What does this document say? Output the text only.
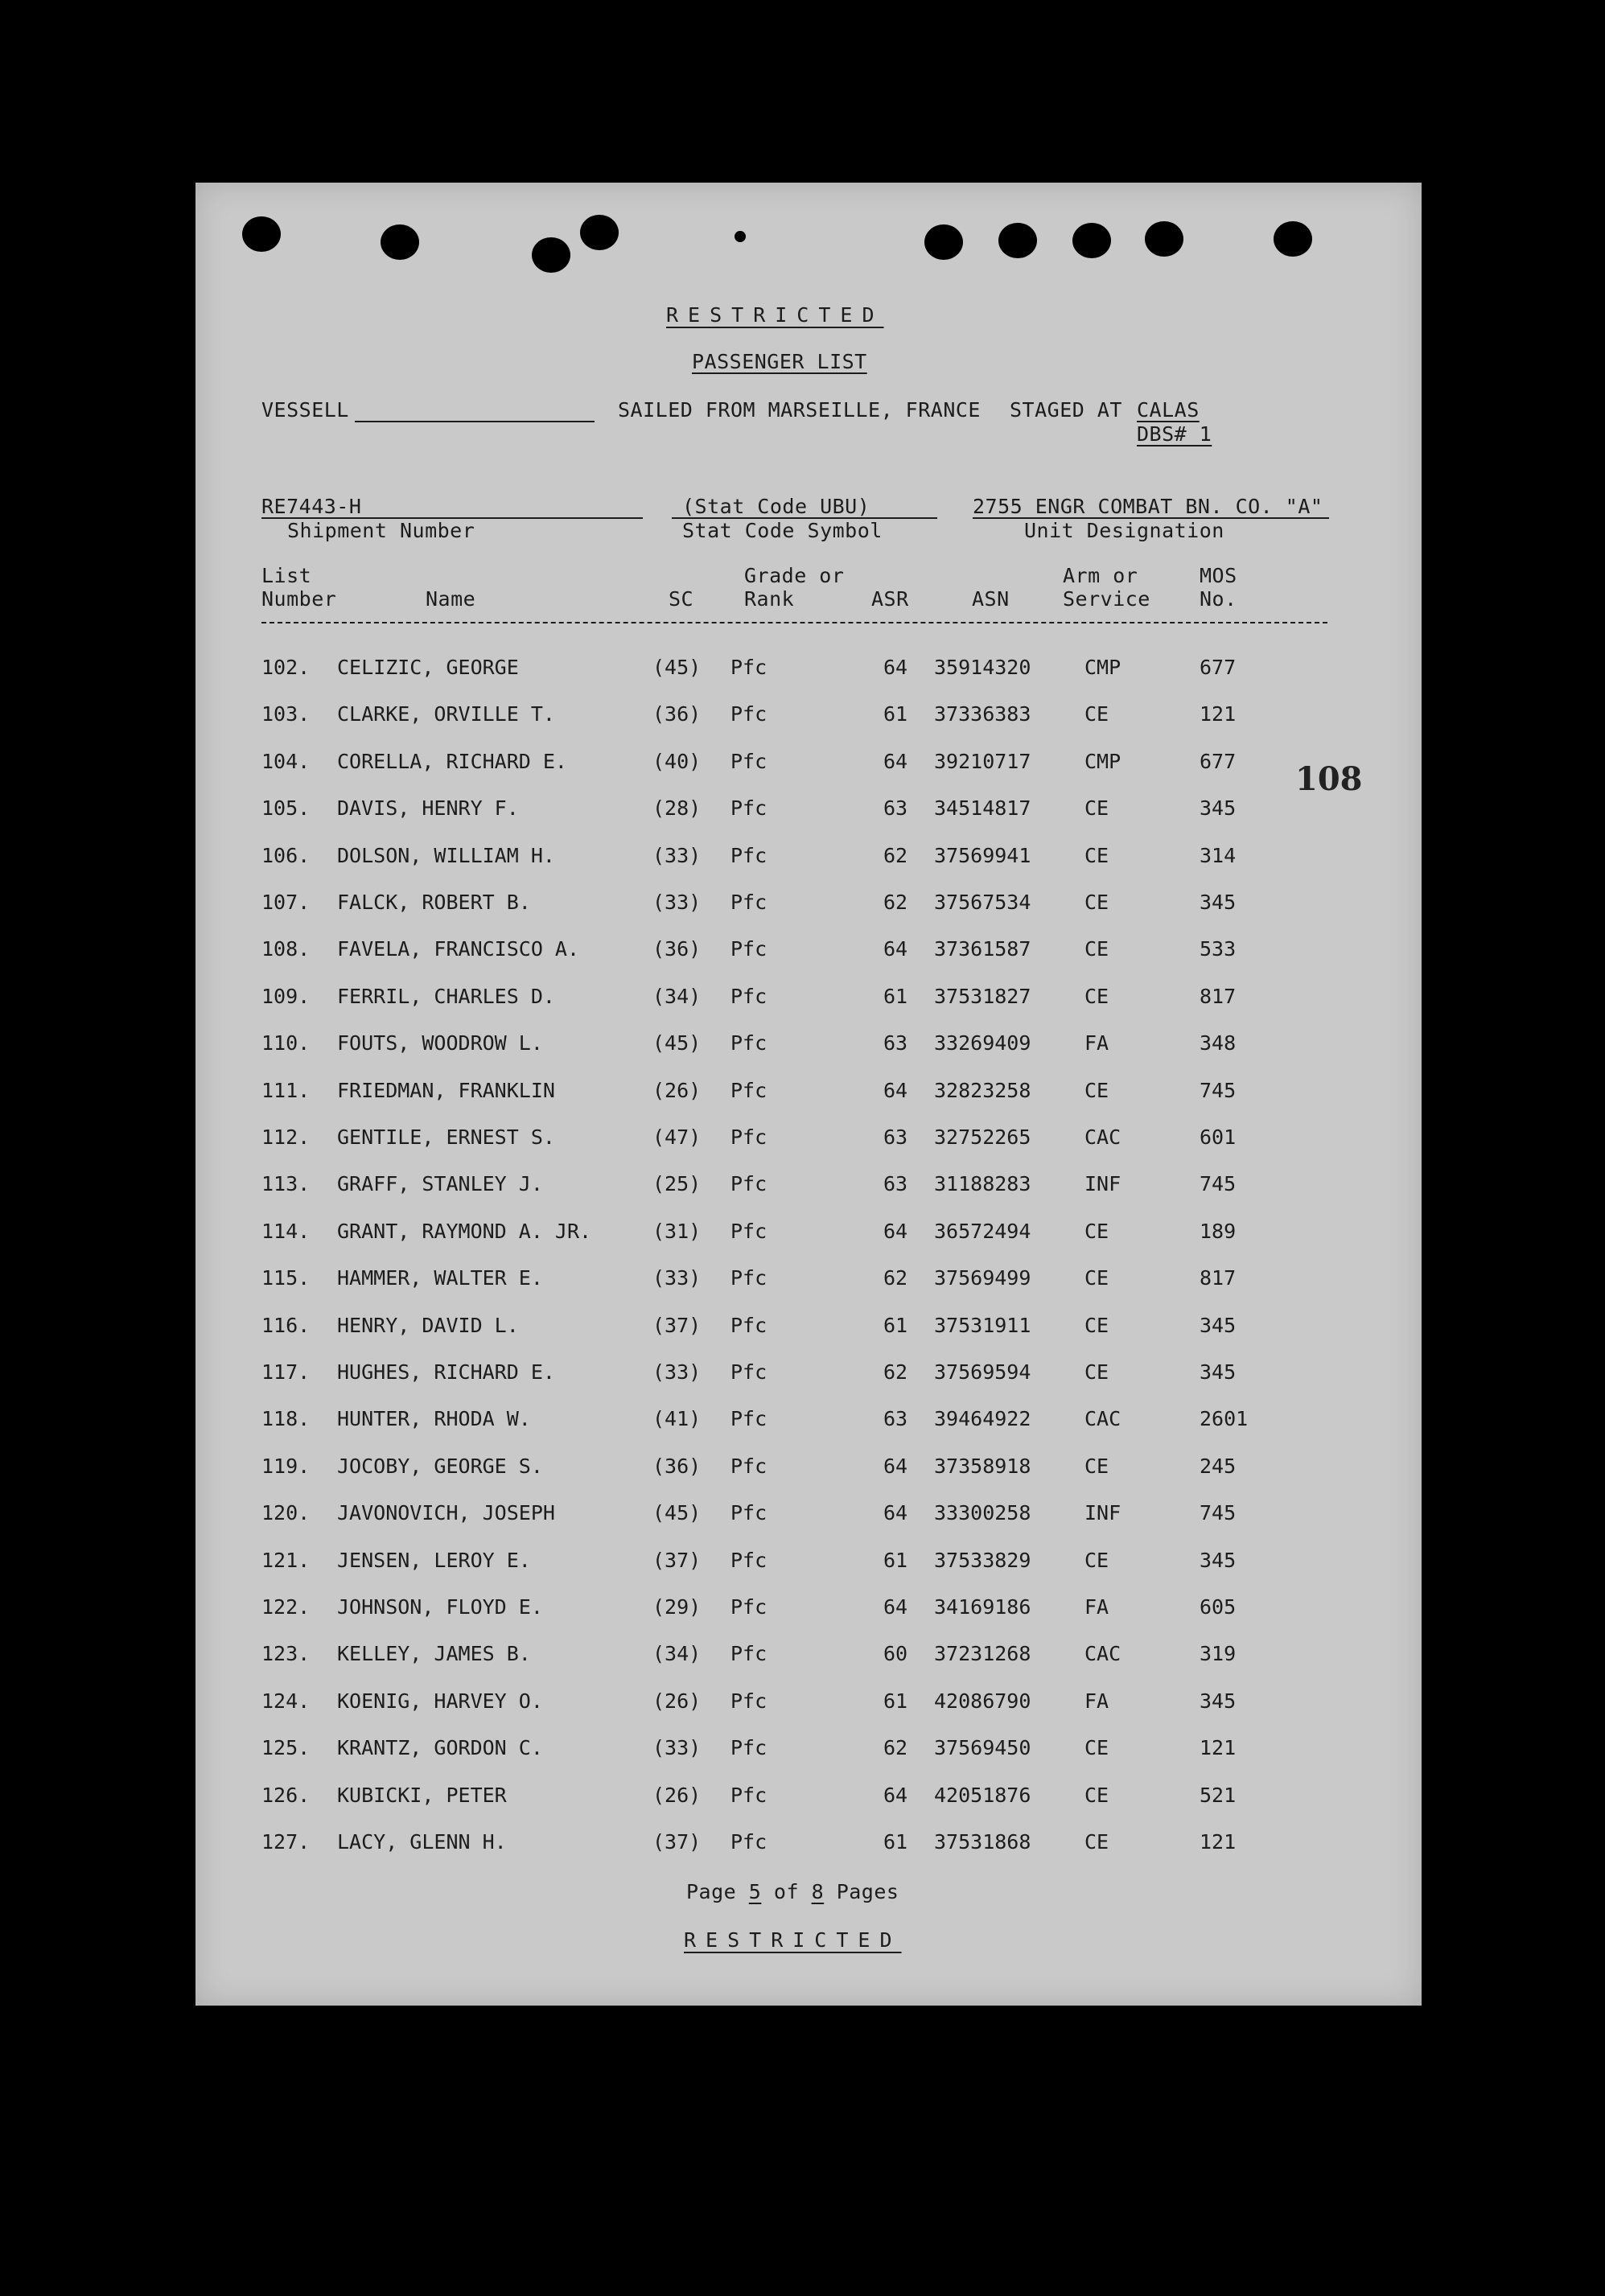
RESTRICTED
PASSENGER LIST
VESSELL	SAILED FROM MARSEILLE, FRANCE STAGED AT CALAS
DBS# 1
RE7443-H
Shipment Number
(Stat Code UBU)
Stat Code Symbol
2755 ENGR COMBAT BN. CO. "A"
Unit Designation
List
Number	Name	SC
Grade or
Rank	ASR	ASN
Arm or
Service
MOS
No.
108
102. CELIZIC, GEORGE	(45) Pfc	64 35914320	CMP	677
103. CLARKE, ORVILLE T.	(36) Pfc	61 37336383	CE	121
104. CORELLA, RICHARD E.	(40) Pfc	64 39210717	CMP	677
105. DAVIS, HENRY F.	(28) Pfc	63 34514817	CE	345
106. DOLSON, WILLIAM H.	(33) Pfc	62 37569941	CE	314
107. FALCK, ROBERT B.	(33) Pfc	62 37567534	CE	345
108. FAVELA, FRANCISCO A.	(36) Pfc	64 37361587	CE	533
109. FERRIL, CHARLES D.	(34) Pfc	61 37531827	CE	817
110. FOUTS, WOODROW L.	(45) Pfc	63 33269409	FA	348
111. FRIEDMAN, FRANKLIN	(26) Pfc	64 32823258	CE	745
112. GENTILE, ERNEST S.	(47) Pfc	63 32752265	CAC	601
113. GRAFF, STANLEY J.	(25) Pfc	63 31188283	INF	745
114. GRANT, RAYMOND A. JR.	(31) Pfc	64 36572494	CE	189
115. HAMMER, WALTER E.	(33) Pfc	62 37569499	CE	817
116. HENRY, DAVID L.	(37) Pfc	61 37531911	CE	345
117. HUGHES, RICHARD E.	(33) Pfc	62 37569594	CE	345
118. HUNTER, RHODA W.	(41) Pfc	63 39464922	CAC	2601
119. JOCOBY, GEORGE S.	(36) Pfc	64 37358918	CE	245
120. JAVONOVICH, JOSEPH	(45) Pfc	64 33300258	INF	745
121. JENSEN, LEROY E.	(37) Pfc	61 37533829	CE	345
122. JOHNSON, FLOYD E.	(29) Pfc	64 34169186	FA	605
123. KELLEY, JAMES B.	(34) Pfc	60 37231268	CAC	319
124. KOENIG, HARVEY O.	(26) Pfc	61 42086790	FA	345
125. KRANTZ, GORDON C.	(33) Pfc	62 37569450	CE	121
126. KUBICKI, PETER	(26) Pfc	64 42051876	CE	521
127. LACY, GLENN H.	(37) Pfc	61 37531868	CE	121
Page 5 of 8 Pages
RESTRICTED
